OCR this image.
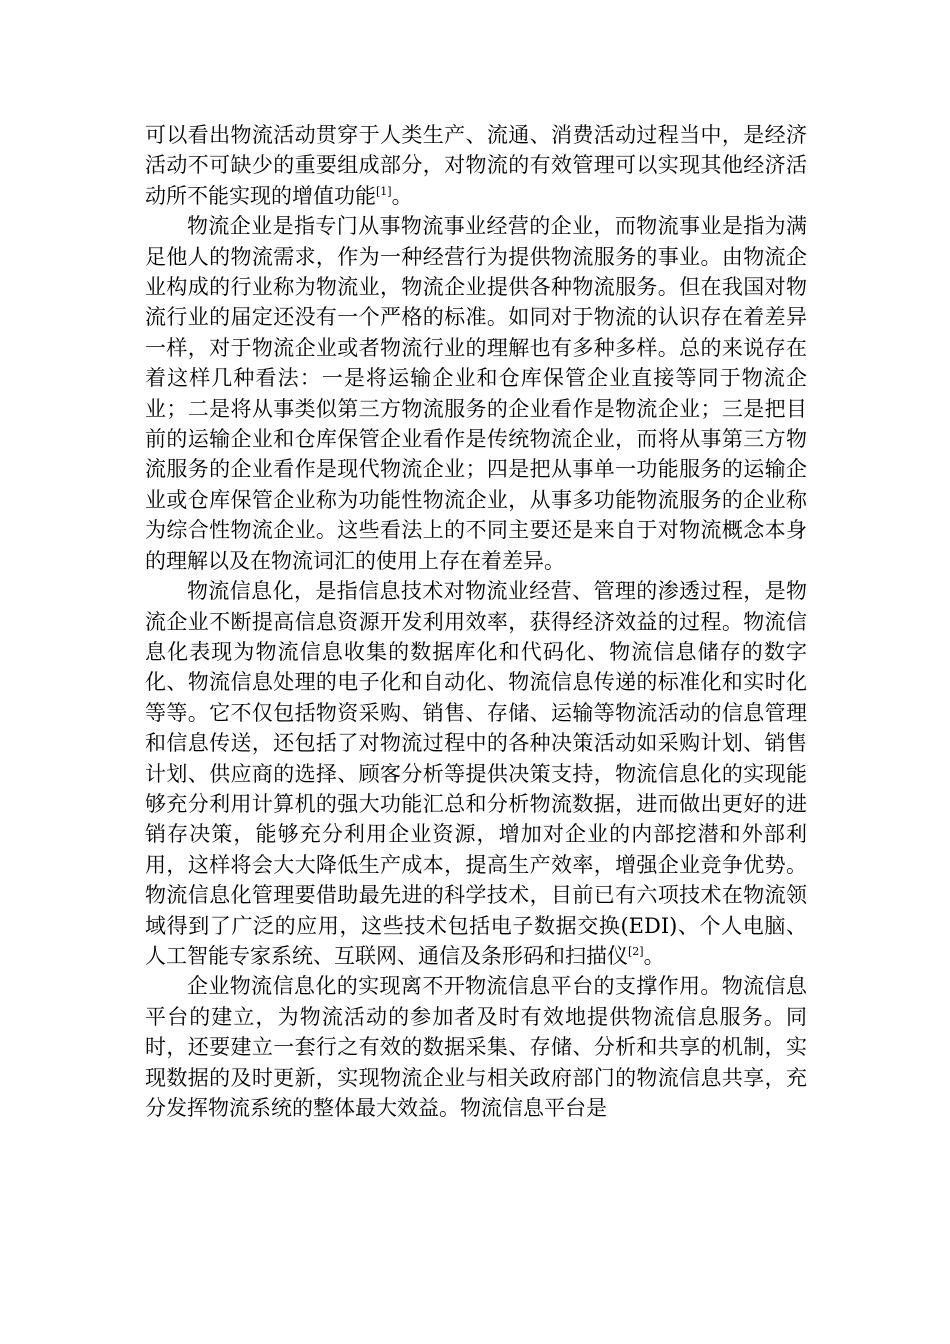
可以看出物流活动贯穿于人类生产、流通、消费活动过程当中，是经济活动不可缺少的重要组成部分，对物流的有效管理可以实现其他经济活动所不能实现的增值功能[1]。

物流企业是指专门从事物流事业经营的企业，而物流事业是指为满足他人的物流需求，作为一种经营行为提供物流服务的事业。由物流企业构成的行业称为物流业，物流企业提供各种物流服务。但在我国对物流行业的届定还没有一个严格的标准。如同对于物流的认识存在着差异一样，对于物流企业或者物流行业的理解也有多种多样。总的来说存在着这样几种看法：一是将运输企业和仓库保管企业直接等同于物流企业；二是将从事类似第三方物流服务的企业看作是物流企业；三是把目前的运输企业和仓库保管企业看作是传统物流企业，而将从事第三方物流服务的企业看作是现代物流企业；四是把从事单一功能服务的运输企业或仓库保管企业称为功能性物流企业，从事多功能物流服务的企业称为综合性物流企业。这些看法上的不同主要还是来自于对物流概念本身的理解以及在物流词汇的使用上存在着差异。

物流信息化，是指信息技术对物流业经营、管理的渗透过程，是物流企业不断提高信息资源开发利用效率，获得经济效益的过程。物流信息化表现为物流信息收集的数据库化和代码化、物流信息储存的数字化、物流信息处理的电子化和自动化、物流信息传递的标准化和实时化等等。它不仅包括物资采购、销售、存储、运输等物流活动的信息管理和信息传送，还包括了对物流过程中的各种决策活动如采购计划、销售计划、供应商的选择、顾客分析等提供决策支持，物流信息化的实现能够充分利用计算机的强大功能汇总和分析物流数据，进而做出更好的进销存决策，能够充分利用企业资源，增加对企业的内部挖潜和外部利用，这样将会大大降低生产成本，提高生产效率，增强企业竞争优势。物流信息化管理要借助最先进的科学技术，目前已有六项技术在物流领域得到了广泛的应用，这些技术包括电子数据交换(EDI)、个人电脑、人工智能专家系统、互联网、通信及条形码和扫描仪[2]。

企业物流信息化的实现离不开物流信息平台的支撑作用。物流信息平台的建立，为物流活动的参加者及时有效地提供物流信息服务。同时，还要建立一套行之有效的数据采集、存储、分析和共享的机制，实现数据的及时更新，实现物流企业与相关政府部门的物流信息共享，充分发挥物流系统的整体最大效益。物流信息平台是
